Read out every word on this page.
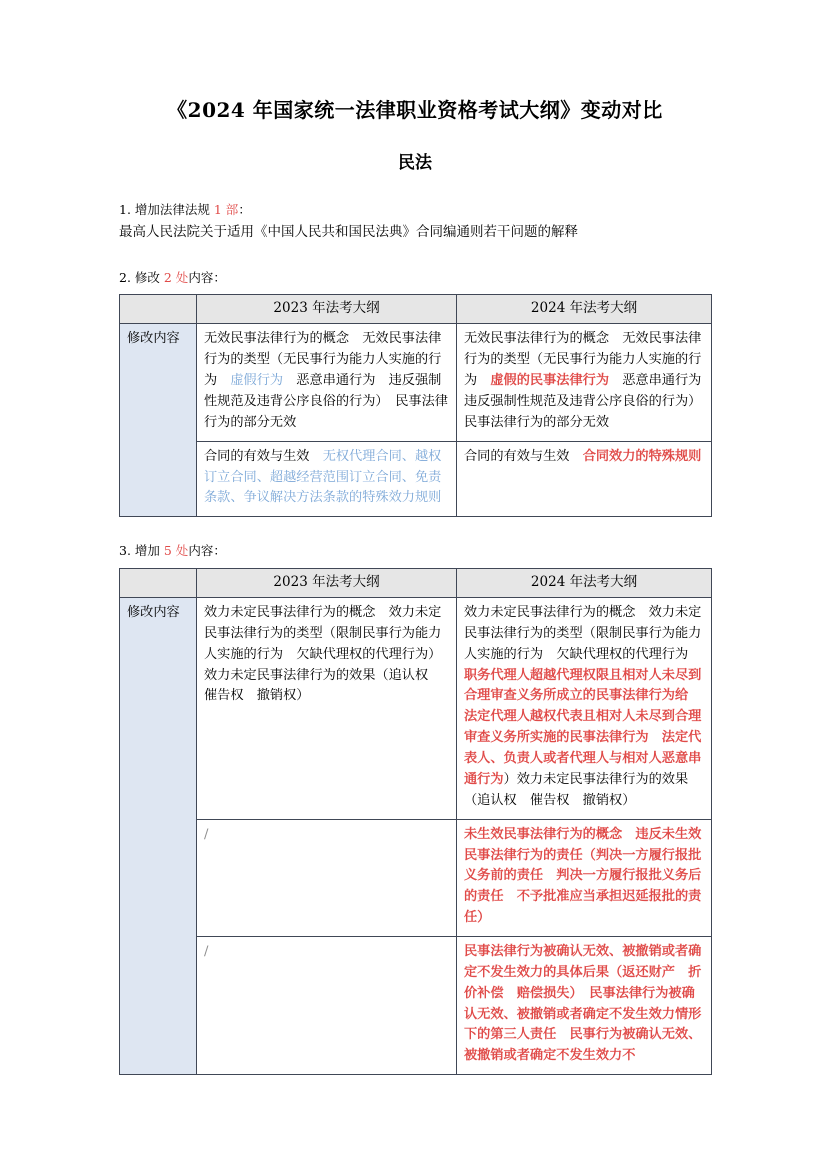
《2024 年国家统一法律职业资格考试大纲》变动对比
民法

1. 增加法律法规 1 部：

最高人民法院关于适用《中国人民共和国民法典》合同编通则若干问题的解释

2. 修改 2 处内容：

	2023 年法考大纲	2024 年法考大纲
修改内容	无效民事法律行为的概念　无效民事法律行为的类型（无民事行为能力人实施的行为　虚假行为　恶意串通行为　违反强制性规范及违背公序良俗的行为）　民事法律行为的部分无效	无效民事法律行为的概念　无效民事法律行为的类型（无民事行为能力人实施的行为　虚假的民事法律行为　恶意串通行为　违反强制性规范及违背公序良俗的行为）　民事法律行为的部分无效

	合同的有效与生效　无权代理合同、越权订立合同、超越经营范围订立合同、免责条款、争议解决方法条款的特殊效力规则	合同的有效与生效　合同效力的特殊规则

3. 增加 5 处内容：

	2023 年法考大纲	2024 年法考大纲
修改内容	效力未定民事法律行为的概念　效力未定民事法律行为的类型（限制民事行为能力人实施的行为　欠缺代理权的代理行为）　效力未定民事法律行为的效果（追认权　催告权　撤销权）	效力未定民事法律行为的概念　效力未定民事法律行为的类型（限制民事行为能力人实施的行为　欠缺代理权的代理行为　职务代理人超越代理权限且相对人未尽到合理审查义务所成立的民事法律行为给　法定代理人越权代表且相对人未尽到合理审查义务所实施的民事法律行为　法定代表人、负责人或者代理人与相对人恶意串通行为）效力未定民事法律行为的效果（追认权　催告权　撤销权）

	/	未生效民事法律行为的概念　违反未生效民事法律行为的责任（判决一方履行报批义务前的责任　判决一方履行报批义务后的责任　不予批准应当承担迟延报批的责任）

	/	民事法律行为被确认无效、被撤销或者确定不发生效力的具体后果（返还财产　折价补偿　赔偿损失）　民事法律行为被确认无效、被撤销或者确定不发生效力情形下的第三人责任　民事行为被确认无效、被撤销或者确定不发生效力不
